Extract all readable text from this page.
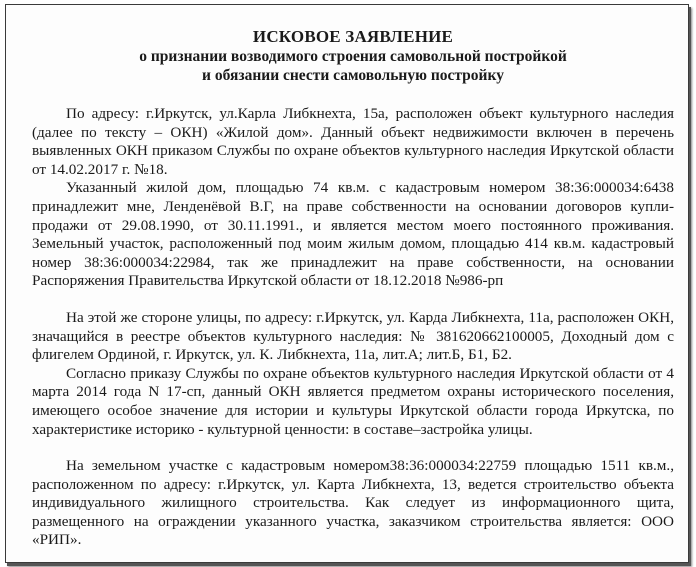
ИСКОВОЕ ЗАЯВЛЕНИЕ

о признании возводимого строения самовольной постройкой

и обязании снести самовольную постройку

По адресу: г.Иркутск, ул.Карла Либкнехта, 15а, расположен объект культурного наследия (далее по тексту – ОКН) «Жилой дом». Данный объект недвижимости включен в перечень выявленных ОКН приказом Службы по охране объектов культурного наследия Иркутской области от 14.02.2017 г. №18.

Указанный жилой дом, площадью 74 кв.м. с кадастровым номером 38:36:000034:6438 принадлежит мне, Ленденёвой В.Г, на праве собственности на основании договоров купли-продажи от 29.08.1990, от 30.11.1991., и является местом моего постоянного проживания. Земельный участок, расположенный под моим жилым домом, площадью 414 кв.м. кадастровый номер 38:36:000034:22984, так же принадлежит на праве собственности, на основании Распоряжения Правительства Иркутской области от 18.12.2018 №986-рп

На этой же стороне улицы, по адресу: г.Иркутск, ул. Карда Либкнехта, 11а, расположен ОКН, значащийся в реестре объектов культурного наследия: № 381620662100005, Доходный дом с флигелем Ординой, г. Иркутск, ул. К. Либкнехта, 11а, лит.А; лит.Б, Б1, Б2.

Согласно приказу Службы по охране объектов культурного наследия Иркутской области от 4 марта 2014 года N 17-сп, данный ОКН является предметом охраны исторического поселения, имеющего особое значение для истории и культуры Иркутской области города Иркутска, по характеристике историко - культурной ценности: в составе–застройка улицы.

На земельном участке с кадастровым номером38:36:000034:22759 площадью 1511 кв.м., расположенном по адресу: г.Иркутск, ул. Карта Либкнехта, 13, ведется строительство объекта индивидуального жилищного строительства. Как следует из информационного щита, размещенного на ограждении указанного участка, заказчиком строительства является: ООО «РИП».
